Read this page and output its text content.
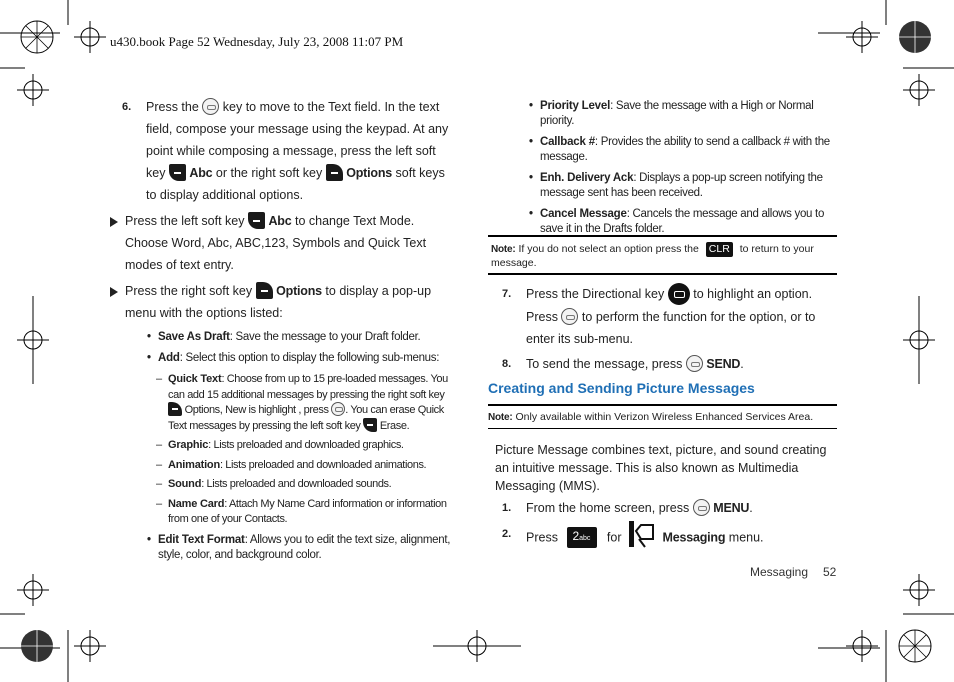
u430.book Page 52 Wednesday, July 23, 2008 11:07 PM
6. Press the key to move to the Text field. In the text field, compose your message using the keypad. At any point while composing a message, press the left soft key Abc or the right soft key Options soft keys to display additional options.
Press the left soft key Abc to change Text Mode. Choose Word, Abc, ABC,123, Symbols and Quick Text modes of text entry.
Press the right soft key Options to display a pop-up menu with the options listed:
• Save As Draft: Save the message to your Draft folder.
• Add: Select this option to display the following sub-menus:
– Quick Text: Choose from up to 15 pre-loaded messages. You can add 15 additional messages by pressing the right soft key  Options, New is highlight , press . You can erase Quick Text messages by pressing the left soft key Erase.
– Graphic: Lists preloaded and downloaded graphics.
– Animation: Lists preloaded and downloaded animations.
– Sound: Lists preloaded and downloaded sounds.
– Name Card: Attach My Name Card information or information from one of your Contacts.
• Edit Text Format: Allows you to edit the text size, alignment, style, color, and background color.
• Priority Level: Save the message with a High or Normal priority.
• Callback #: Provides the ability to send a callback # with the message.
• Enh. Delivery Ack: Displays a pop-up screen notifying the message sent has been received.
• Cancel Message: Cancels the message and allows you to save it in the Drafts folder.
Note: If you do not select an option press the CLR to return to your message.
7. Press the Directional key to highlight an option. Press to perform the function for the option, or to enter its sub-menu.
8. To send the message, press SEND.
Creating and Sending Picture Messages
Note: Only available within Verizon Wireless Enhanced Services Area.
Picture Message combines text, picture, and sound creating an intuitive message. This is also known as Multimedia Messaging (MMS).
1. From the home screen, press MENU.
2. Press 2abc for	Messaging menu.
Messaging 52
